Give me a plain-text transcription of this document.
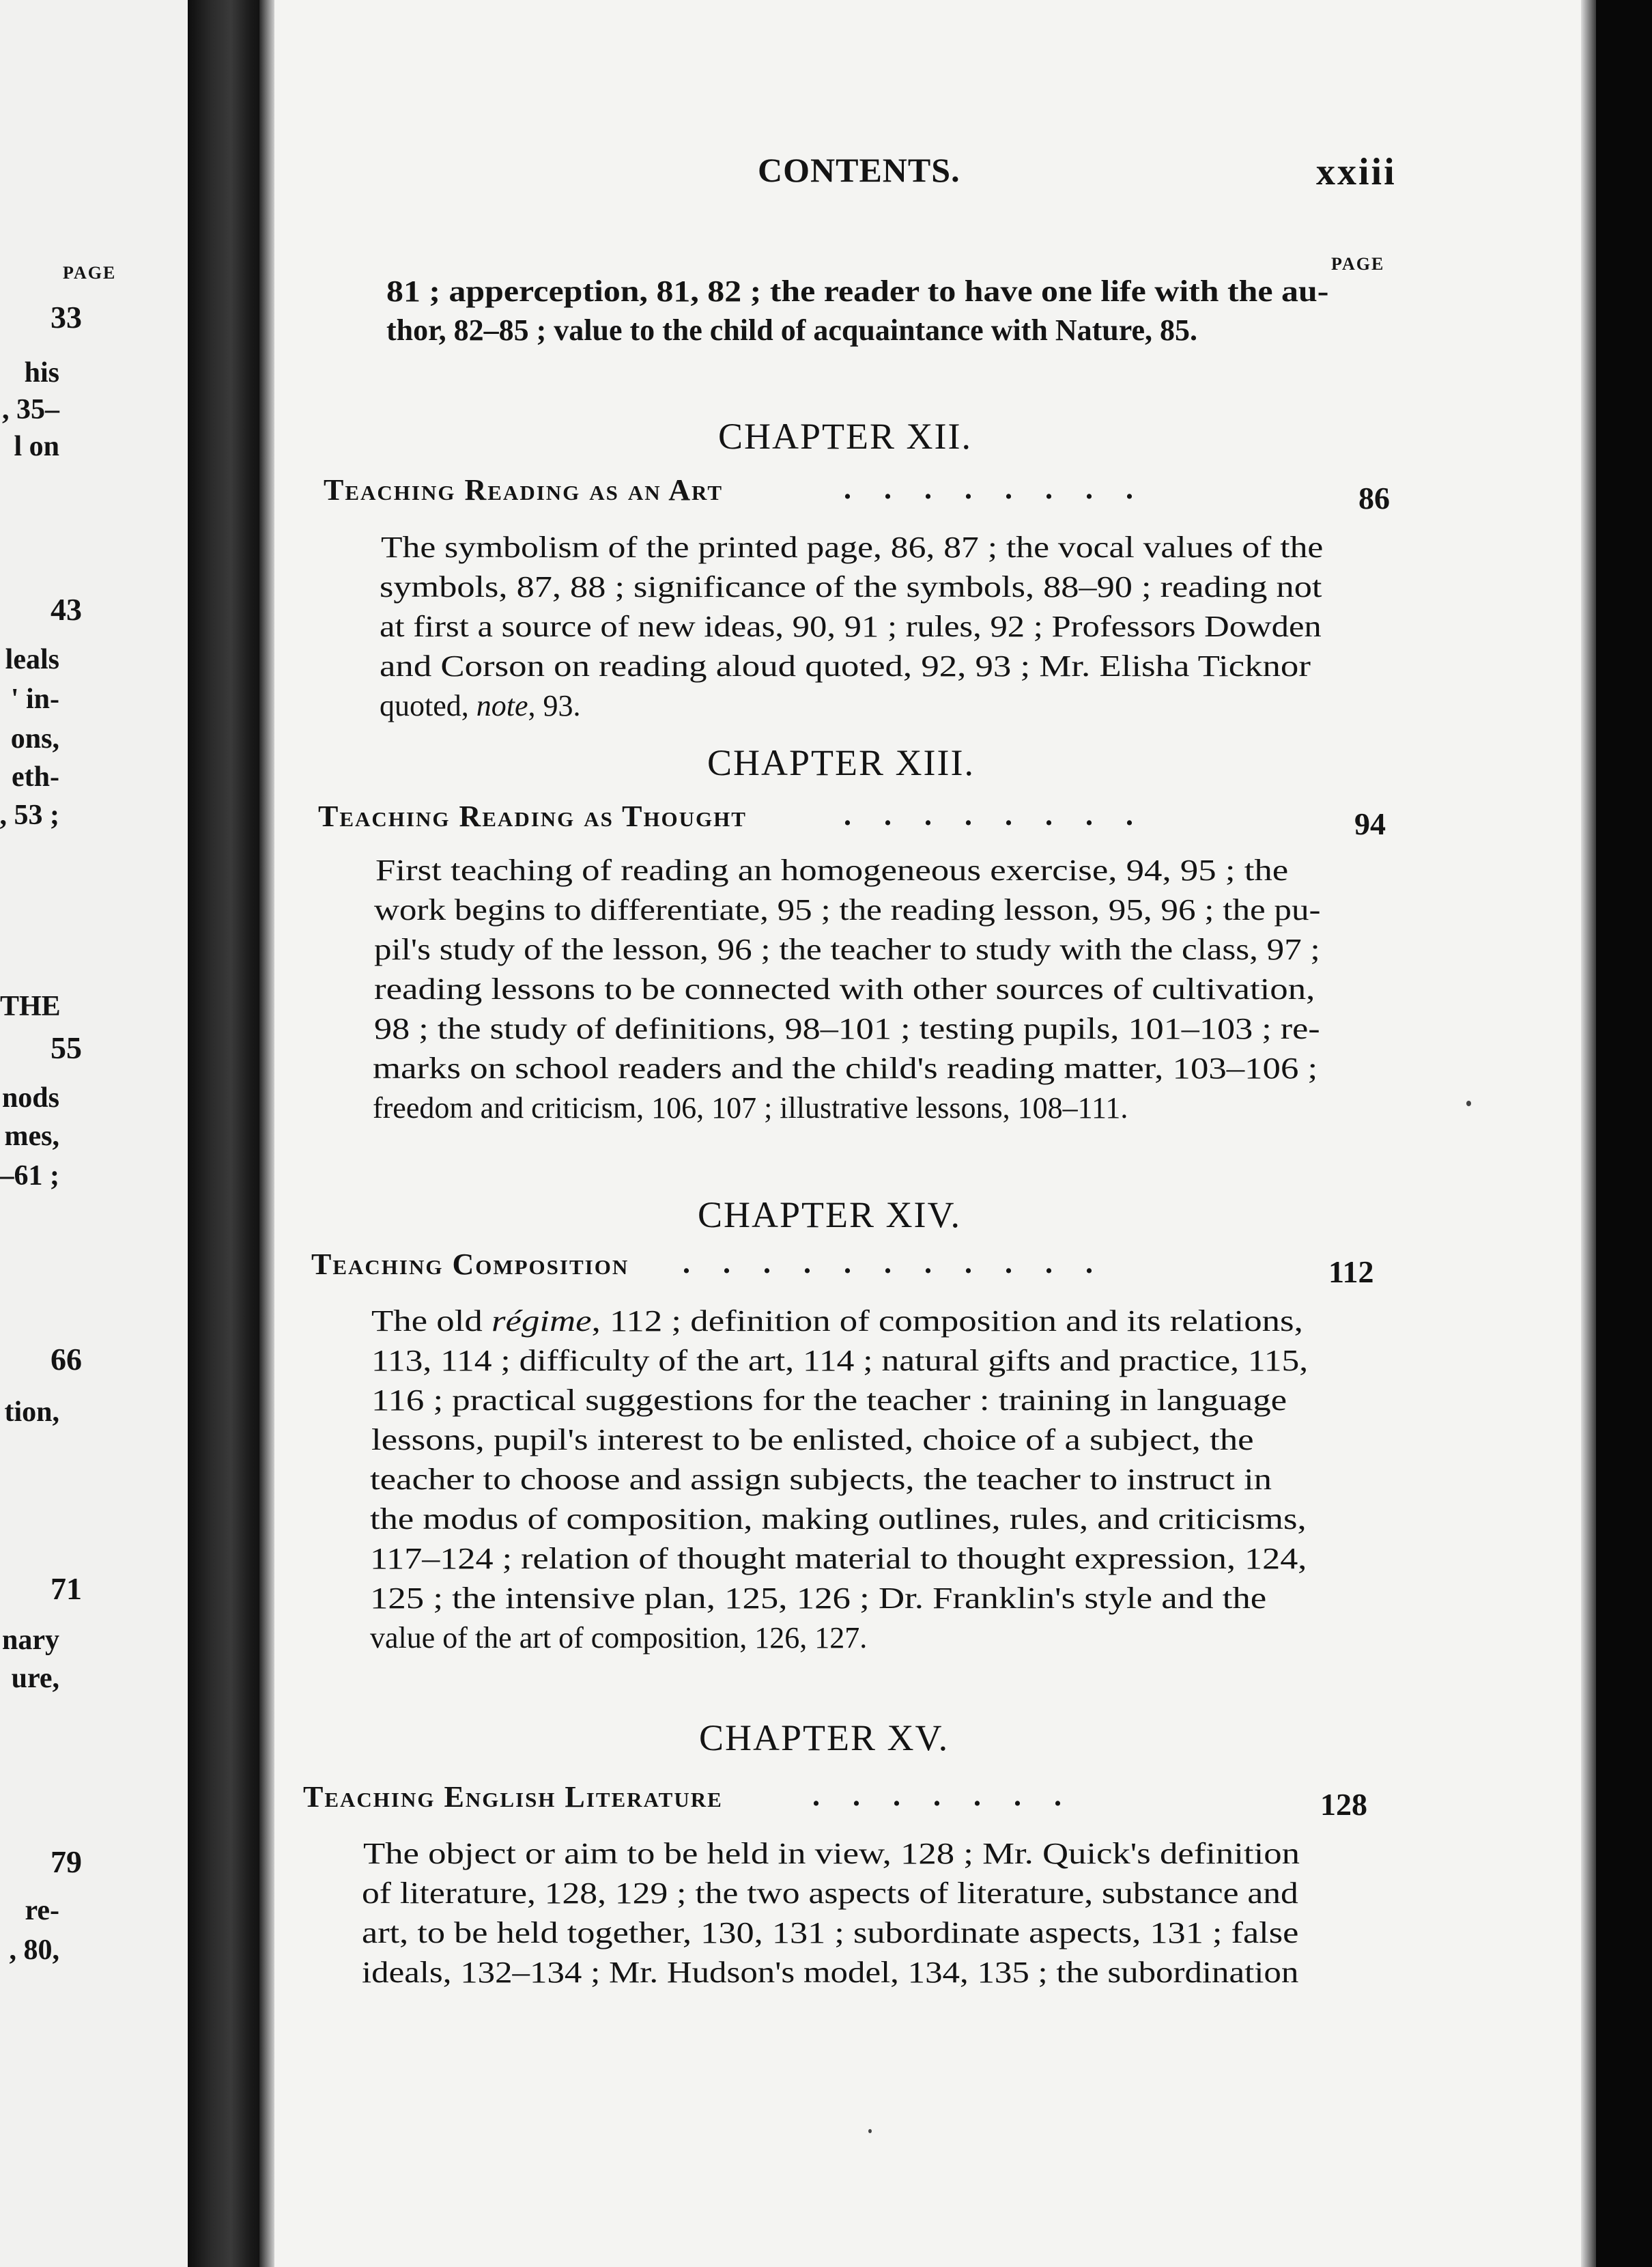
PAGE
33
his
, 35–
l on
43
leals
' in-
ons,
eth-
, 53 ;
THE
55
nods
mes,
–61 ;
66
tion,
71
nary
ure,
79
re-
, 80,
CONTENTS.	xxiii
PAGE
81 ; apperception, 81, 82 ; the reader to have one life with the au-
thor, 82–85 ; value to the child of acquaintance with Nature, 85.
CHAPTER XII.
Teaching Reading as an Art	........	86
The symbolism of the printed page, 86, 87 ; the vocal values of the
symbols, 87, 88 ; significance of the symbols, 88–90 ; reading not
at first a source of new ideas, 90, 91 ; rules, 92 ; Professors Dowden
and Corson on reading aloud quoted, 92, 93 ; Mr. Elisha Ticknor
quoted, note, 93.
CHAPTER XIII.
Teaching Reading as Thought	........	94
First teaching of reading an homogeneous exercise, 94, 95 ; the
work begins to differentiate, 95 ; the reading lesson, 95, 96 ; the pu-
pil's study of the lesson, 96 ; the teacher to study with the class, 97 ;
reading lessons to be connected with other sources of cultivation,
98 ; the study of definitions, 98–101 ; testing pupils, 101–103 ; re-
marks on school readers and the child's reading matter, 103–106 ;
freedom and criticism, 106, 107 ; illustrative lessons, 108–111.
CHAPTER XIV.
Teaching Composition ...........	112
The old régime, 112 ; definition of composition and its relations,
113, 114 ; difficulty of the art, 114 ; natural gifts and practice, 115,
116 ; practical suggestions for the teacher : training in language
lessons, pupil's interest to be enlisted, choice of a subject, the
teacher to choose and assign subjects, the teacher to instruct in
the modus of composition, making outlines, rules, and criticisms,
117–124 ; relation of thought material to thought expression, 124,
125 ; the intensive plan, 125, 126 ; Dr. Franklin's style and the
value of the art of composition, 126, 127.
CHAPTER XV.
Teaching English Literature	.......	128
The object or aim to be held in view, 128 ; Mr. Quick's definition
of literature, 128, 129 ; the two aspects of literature, substance and
art, to be held together, 130, 131 ; subordinate aspects, 131 ; false
ideals, 132–134 ; Mr. Hudson's model, 134, 135 ; the subordination
